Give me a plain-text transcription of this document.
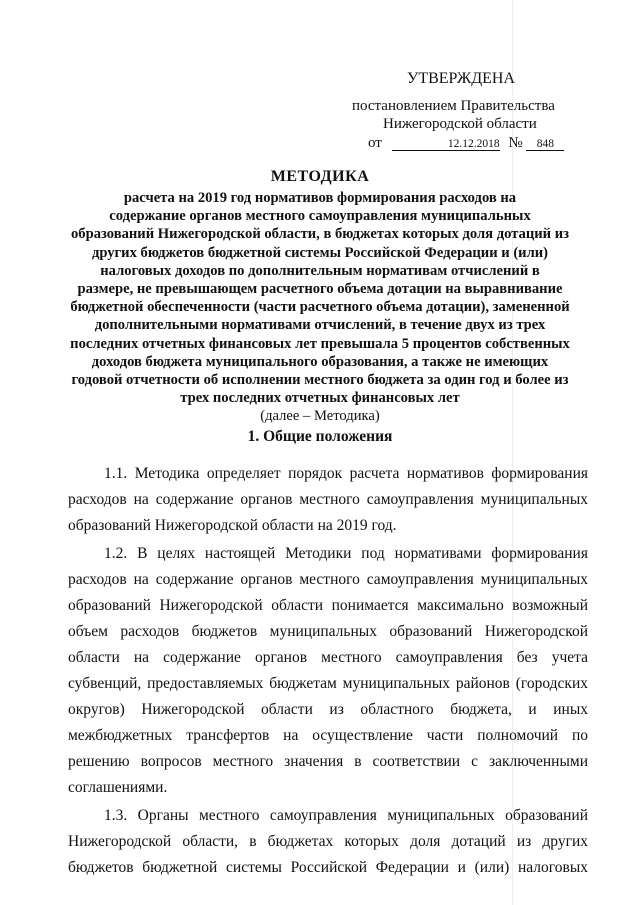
УТВЕРЖДЕНА
постановлением Правительства
Нижегородской области
от	12.12.2018 № 848

МЕТОДИКА

расчета на 2019 год нормативов формирования расходов на

содержание органов местного самоуправления муниципальных

образований Нижегородской области, в бюджетах которых доля дотаций из

других бюджетов бюджетной системы Российской Федерации и (или)

налоговых доходов по дополнительным нормативам отчислений в

размере, не превышающем расчетного объема дотации на выравнивание

бюджетной обеспеченности (части расчетного объема дотации), замененной

дополнительными нормативами отчислений, в течение двух из трех

последних отчетных финансовых лет превышала 5 процентов собственных

доходов бюджета муниципального образования, а также не имеющих

годовой отчетности об исполнении местного бюджета за один год и более из

трех последних отчетных финансовых лет

(далее – Методика)

1. Общие положения

1.1. Методика определяет порядок расчета нормативов формирования расходов на содержание органов местного самоуправления муниципальных образований Нижегородской области на 2019 год.

1.2. В целях настоящей Методики под нормативами формирования расходов на содержание органов местного самоуправления муниципальных образований Нижегородской области понимается максимально возможный объем расходов бюджетов муниципальных образований Нижегородской области на содержание органов местного самоуправления без учета субвенций, предоставляемых бюджетам муниципальных районов (городских округов) Нижегородской области из областного бюджета, и иных межбюджетных трансфертов на осуществление части полномочий по решению вопросов местного значения в соответствии с заключенными соглашениями.

1.3. Органы местного самоуправления муниципальных образований Нижегородской области, в бюджетах которых доля дотаций из других бюджетов бюджетной системы Российской Федерации и (или) налоговых
